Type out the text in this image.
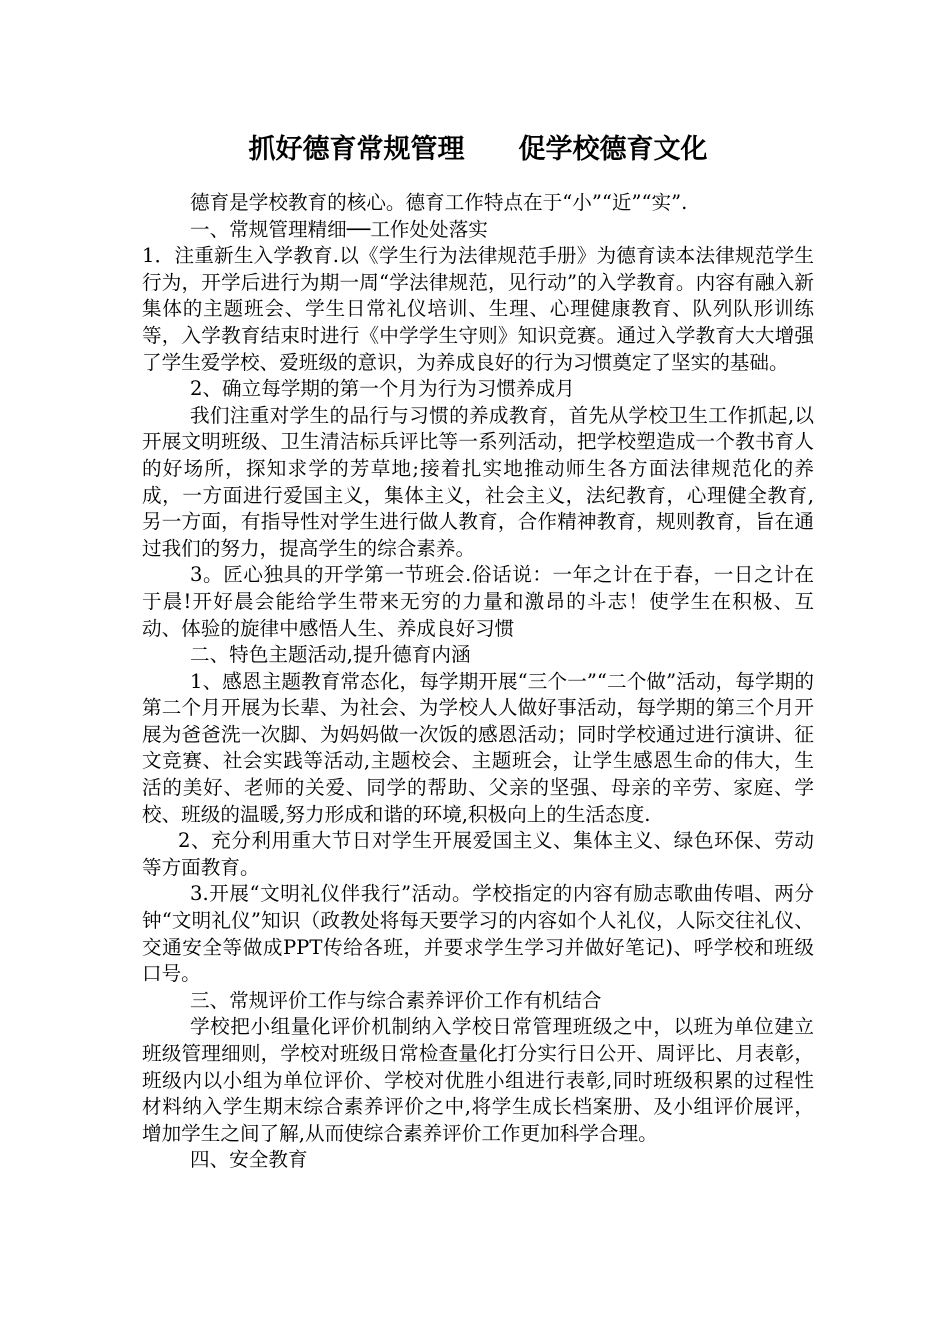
抓好德育常规管理　　促学校德育文化

德育是学校教育的核心。德育工作特点在于“小”“近”“实”.

一、常规管理精细──工作处处落实

1．注重新生入学教育.以《学生行为法律规范手册》为德育读本法律规范学生行为，开学后进行为期一周“学法律规范，见行动”的入学教育。内容有融入新集体的主题班会、学生日常礼仪培训、生理、心理健康教育、队列队形训练等，入学教育结束时进行《中学学生守则》知识竞赛。通过入学教育大大增强了学生爱学校、爱班级的意识，为养成良好的行为习惯奠定了坚实的基础。

2、确立每学期的第一个月为行为习惯养成月

我们注重对学生的品行与习惯的养成教育，首先从学校卫生工作抓起,以开展文明班级、卫生清洁标兵评比等一系列活动，把学校塑造成一个教书育人的好场所，探知求学的芳草地;接着扎实地推动师生各方面法律规范化的养成，一方面进行爱国主义，集体主义，社会主义，法纪教育，心理健全教育,另一方面，有指导性对学生进行做人教育，合作精神教育，规则教育，旨在通过我们的努力，提高学生的综合素养。

3。匠心独具的开学第一节班会.俗话说：一年之计在于春，一日之计在于晨!开好晨会能给学生带来无穷的力量和激昂的斗志！使学生在积极、互动、体验的旋律中感悟人生、养成良好习惯

二、特色主题活动,提升德育内涵

1、感恩主题教育常态化，每学期开展“三个一”“二个做”活动，每学期的第二个月开展为长辈、为社会、为学校人人做好事活动，每学期的第三个月开展为爸爸洗一次脚、为妈妈做一次饭的感恩活动；同时学校通过进行演讲、征文竞赛、社会实践等活动,主题校会、主题班会，让学生感恩生命的伟大，生活的美好、老师的关爱、同学的帮助、父亲的坚强、母亲的辛劳、家庭、学校、班级的温暖,努力形成和谐的环境,积极向上的生活态度.

2、充分利用重大节日对学生开展爱国主义、集体主义、绿色环保、劳动等方面教育。

3.开展“文明礼仪伴我行”活动。学校指定的内容有励志歌曲传唱、两分钟“文明礼仪”知识（政教处将每天要学习的内容如个人礼仪，人际交往礼仪、交通安全等做成PPT传给各班，并要求学生学习并做好笔记)、呼学校和班级口号。

三、常规评价工作与综合素养评价工作有机结合

学校把小组量化评价机制纳入学校日常管理班级之中，以班为单位建立班级管理细则，学校对班级日常检查量化打分实行日公开、周评比、月表彰，班级内以小组为单位评价、学校对优胜小组进行表彰,同时班级积累的过程性材料纳入学生期末综合素养评价之中,将学生成长档案册、及小组评价展评，增加学生之间了解,从而使综合素养评价工作更加科学合理。

四、安全教育
